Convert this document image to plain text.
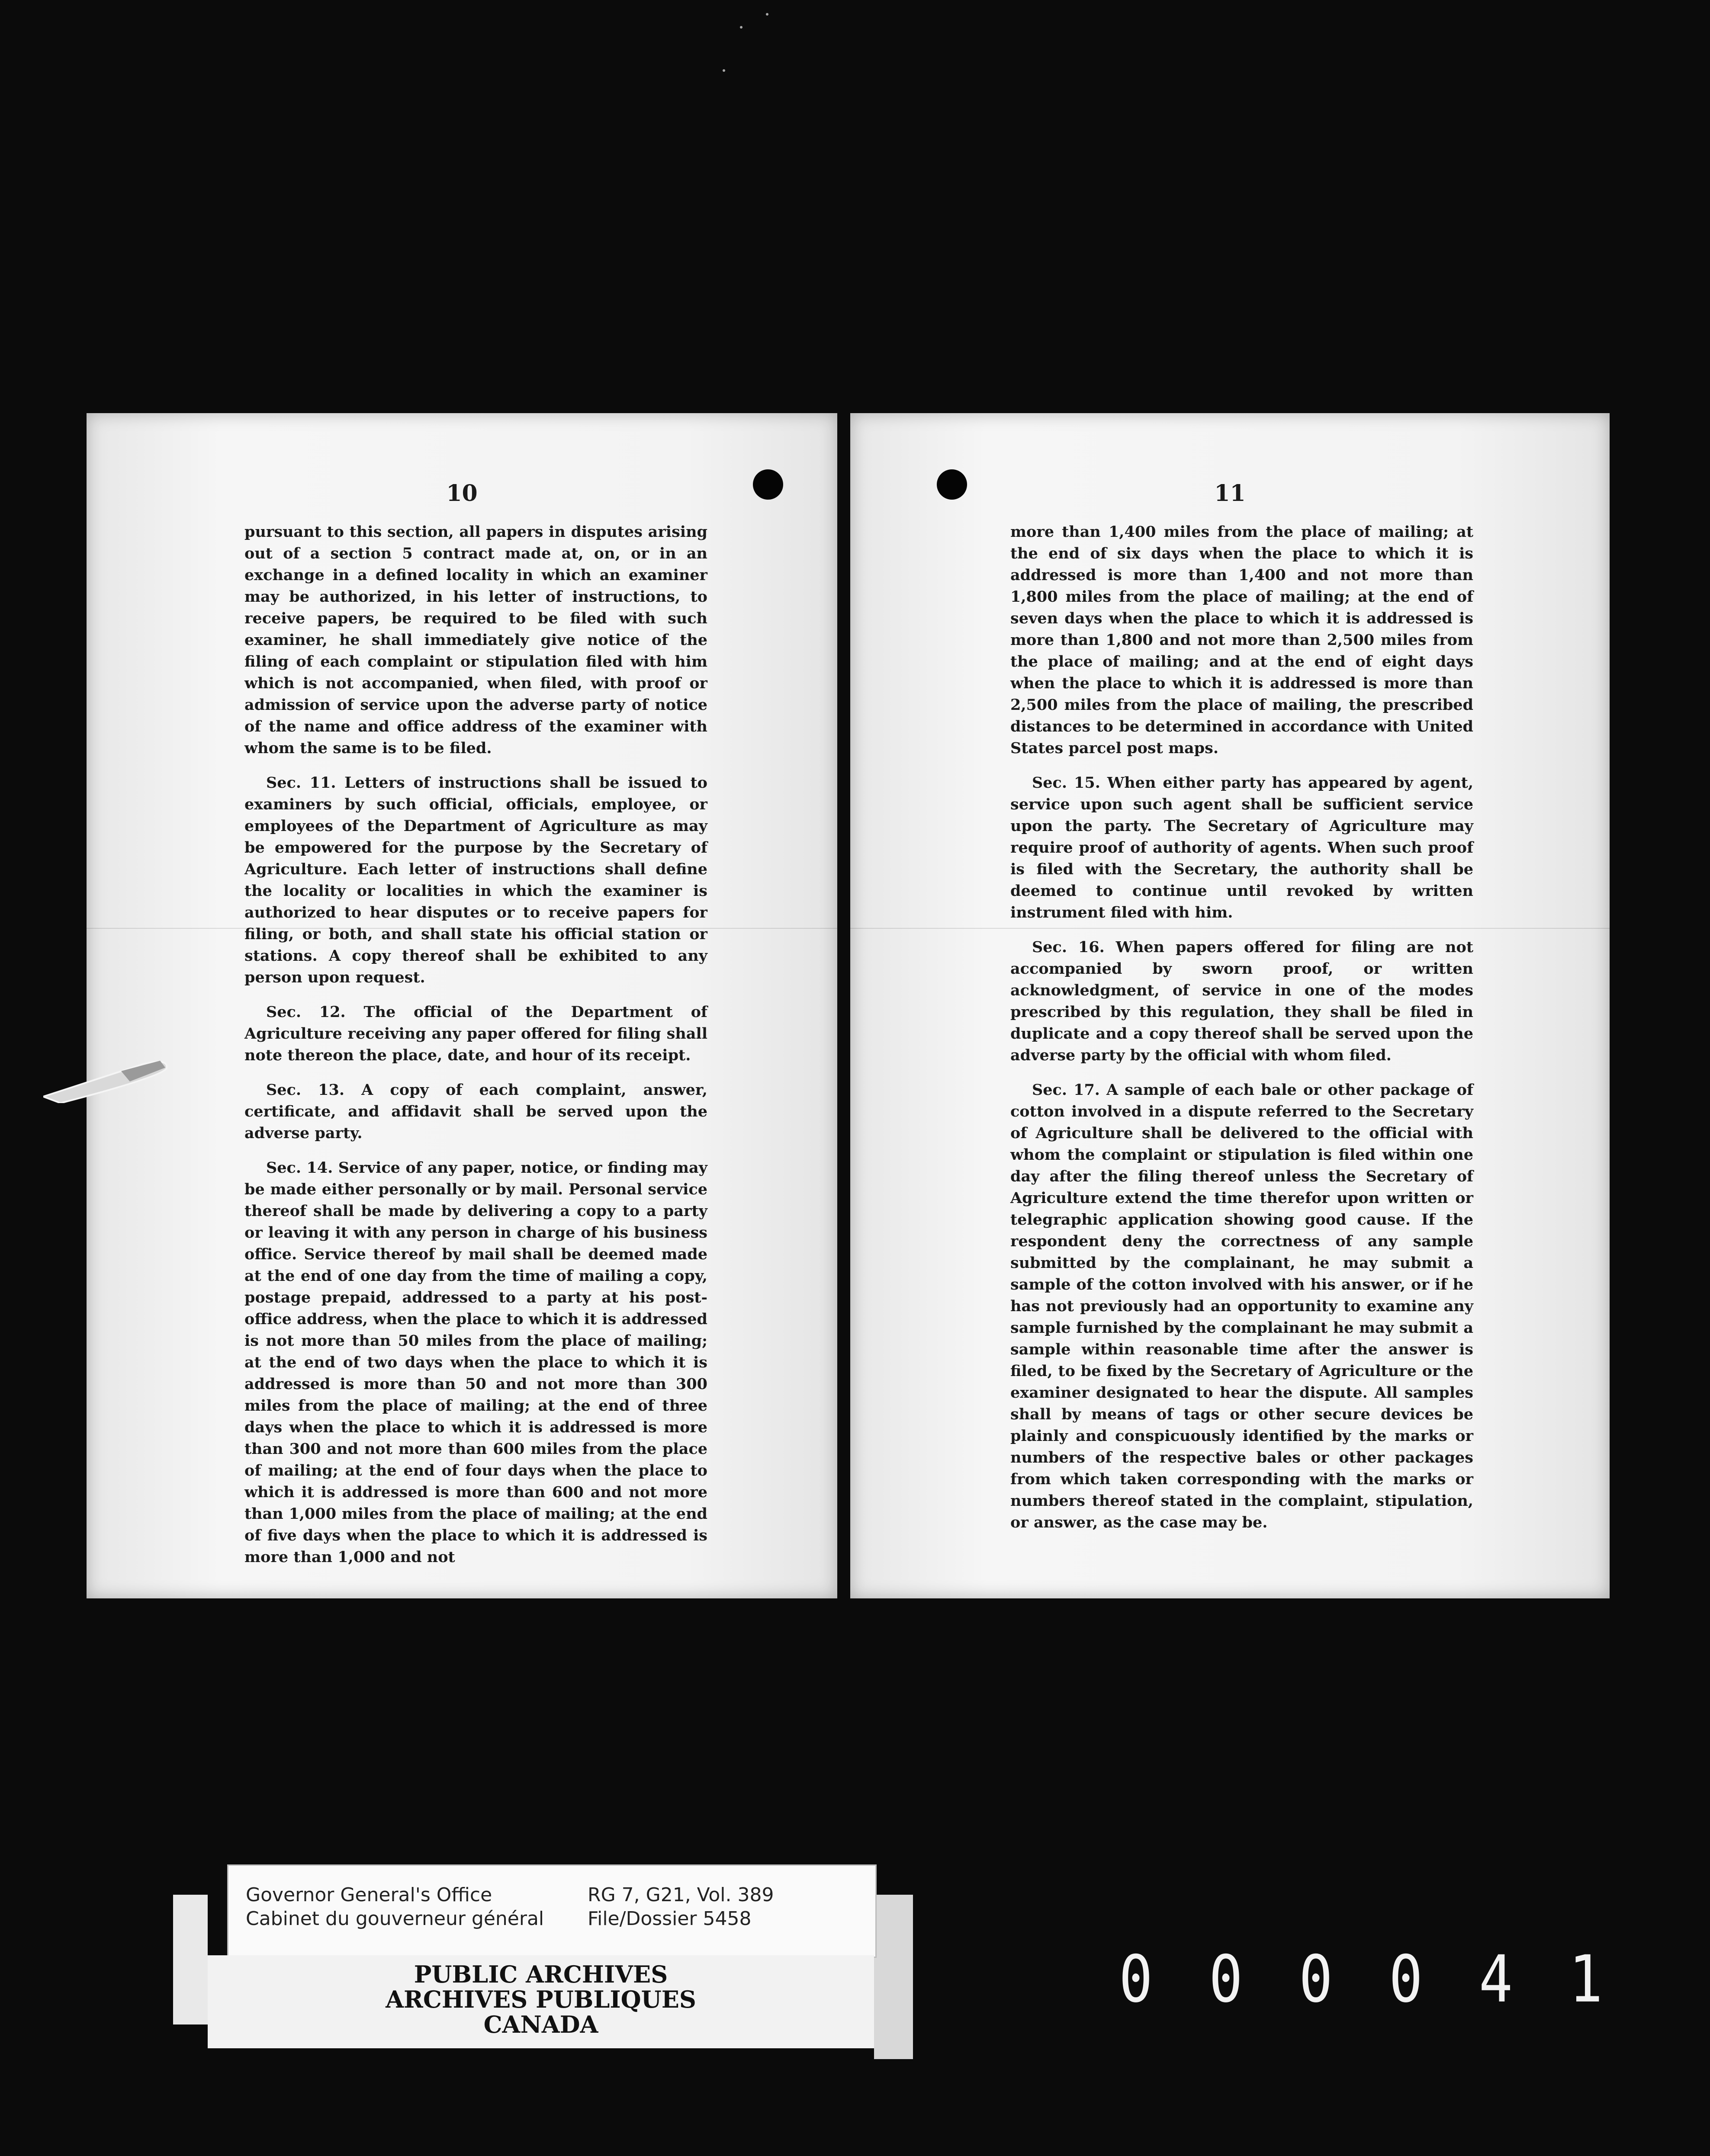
10

pursuant to this section, all papers in disputes arising out of a section 5 contract made at, on, or in an exchange in a defined locality in which an examiner may be authorized, in his letter of instructions, to receive papers, be required to be filed with such examiner, he shall immediately give notice of the filing of each complaint or stipulation filed with him which is not accompanied, when filed, with proof or admission of service upon the adverse party of notice of the name and office address of the examiner with whom the same is to be filed.

Sec. 11. Letters of instructions shall be issued to examiners by such official, officials, employee, or employees of the Department of Agriculture as may be empowered for the purpose by the Secretary of Agriculture. Each letter of instructions shall define the locality or localities in which the examiner is authorized to hear disputes or to receive papers for filing, or both, and shall state his official station or stations. A copy thereof shall be exhibited to any person upon request.

Sec. 12. The official of the Department of Agriculture receiving any paper offered for filing shall note thereon the place, date, and hour of its receipt.

Sec. 13. A copy of each complaint, answer, certificate, and affidavit shall be served upon the adverse party.

Sec. 14. Service of any paper, notice, or finding may be made either personally or by mail. Personal service thereof shall be made by delivering a copy to a party or leaving it with any person in charge of his business office. Service thereof by mail shall be deemed made at the end of one day from the time of mailing a copy, postage prepaid, addressed to a party at his post-office address, when the place to which it is addressed is not more than 50 miles from the place of mailing; at the end of two days when the place to which it is addressed is more than 50 and not more than 300 miles from the place of mailing; at the end of three days when the place to which it is addressed is more than 300 and not more than 600 miles from the place of mailing; at the end of four days when the place to which it is addressed is more than 600 and not more than 1,000 miles from the place of mailing; at the end of five days when the place to which it is addressed is more than 1,000 and not

11

more than 1,400 miles from the place of mailing; at the end of six days when the place to which it is addressed is more than 1,400 and not more than 1,800 miles from the place of mailing; at the end of seven days when the place to which it is addressed is more than 1,800 and not more than 2,500 miles from the place of mailing; and at the end of eight days when the place to which it is addressed is more than 2,500 miles from the place of mailing, the prescribed distances to be determined in accordance with United States parcel post maps.

Sec. 15. When either party has appeared by agent, service upon such agent shall be sufficient service upon the party. The Secretary of Agriculture may require proof of authority of agents. When such proof is filed with the Secretary, the authority shall be deemed to continue until revoked by written instrument filed with him.

Sec. 16. When papers offered for filing are not accompanied by sworn proof, or written acknowledgment, of service in one of the modes prescribed by this regulation, they shall be filed in duplicate and a copy thereof shall be served upon the adverse party by the official with whom filed.

Sec. 17. A sample of each bale or other package of cotton involved in a dispute referred to the Secretary of Agriculture shall be delivered to the official with whom the complaint or stipulation is filed within one day after the filing thereof unless the Secretary of Agriculture extend the time therefor upon written or telegraphic application showing good cause. If the respondent deny the correctness of any sample submitted by the complainant, he may submit a sample of the cotton involved with his answer, or if he has not previously had an opportunity to examine any sample furnished by the complainant he may submit a sample within reasonable time after the answer is filed, to be fixed by the Secretary of Agriculture or the examiner designated to hear the dispute. All samples shall by means of tags or other secure devices be plainly and conspicuously identified by the marks or numbers of the respective bales or other packages from which taken corresponding with the marks or numbers thereof stated in the complaint, stipulation, or answer, as the case may be.

Governor General's Office
Cabinet du gouverneur général
RG 7, G21, Vol. 389
File/Dossier 5458
PUBLIC ARCHIVES
ARCHIVES PUBLIQUES
CANADA
0 0 0 0 4 1
